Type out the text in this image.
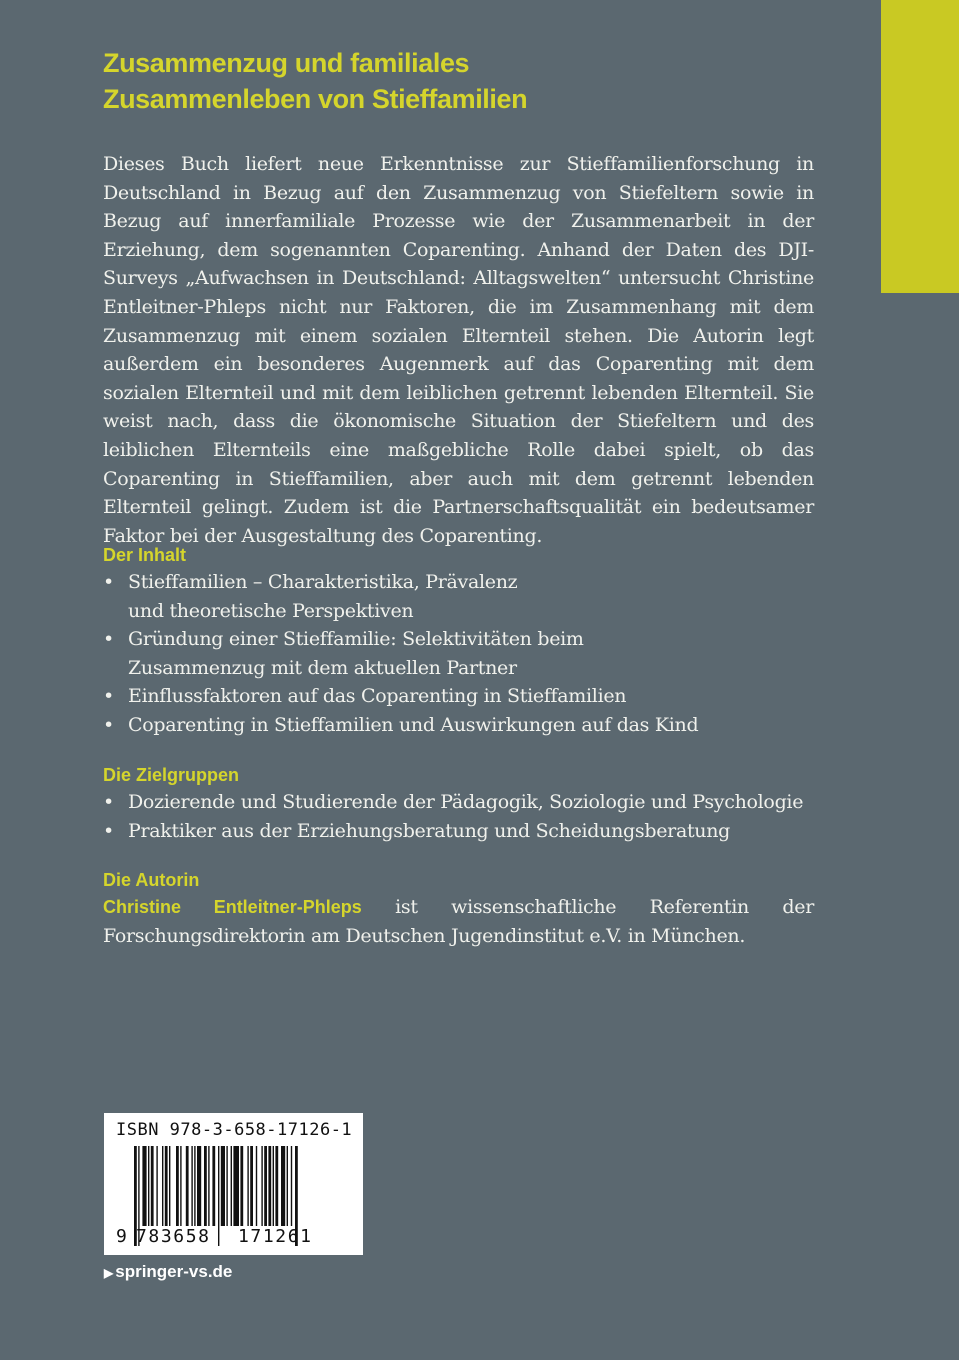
Zusammenzug und familiales
Zusammenleben von Stieffamilien

Dieses Buch liefert neue Erkenntnisse zur Stieffamilienforschung in Deutschland in Bezug auf den Zusammenzug von Stiefeltern sowie in Bezug auf innerfamiliale Prozesse wie der Zusammenarbeit in der Erziehung, dem sogenannten Coparenting. Anhand der Daten des DJI-Surveys „Aufwachsen in Deutschland: Alltagswelten“ untersucht Christine Entleitner-Phleps nicht nur Faktoren, die im Zusammenhang mit dem Zusammenzug mit einem sozialen Elternteil stehen. Die Autorin legt außerdem ein besonderes Augenmerk auf das Coparenting mit dem sozialen Elternteil und mit dem leiblichen getrennt lebenden Elternteil. Sie weist nach, dass die ökonomische Situation der Stiefeltern und des leiblichen Elternteils eine maßgebliche Rolle dabei spielt, ob das Coparenting in Stieffamilien, aber auch mit dem getrennt lebenden Elternteil gelingt. Zudem ist die Partnerschaftsqualität ein bedeutsamer Faktor bei der Ausgestaltung des Coparenting.

Der Inhalt
• Stieffamilien – Charakteristika, Prävalenz
und theoretische Perspektiven
• Gründung einer Stieffamilie: Selektivitäten beim
Zusammenzug mit dem aktuellen Partner
• Einflussfaktoren auf das Coparenting in Stieffamilien
• Coparenting in Stieffamilien und Auswirkungen auf das Kind
Die Zielgruppen
• Dozierende und Studierende der Pädagogik, Soziologie und Psychologie
• Praktiker aus der Erziehungsberatung und Scheidungsberatung
Die Autorin

Christine Entleitner-Phleps ist wissenschaftliche Referentin der Forschungsdirektorin am Deutschen Jugendinstitut e.V. in München.

ISBN 978-3-658-17126-1
9 783658 171261
▶ springer-vs.de
